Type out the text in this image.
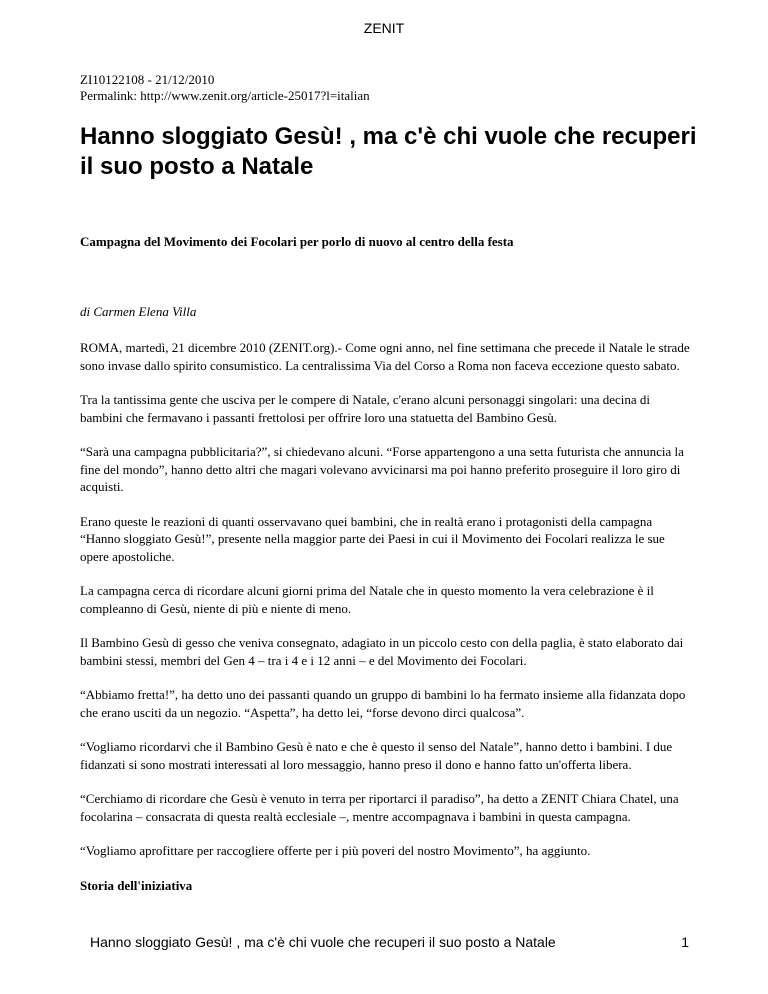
ZENIT
ZI10122108 - 21/12/2010
Permalink: http://www.zenit.org/article-25017?l=italian
Hanno sloggiato Gesù! , ma c'è chi vuole che recuperi il suo posto a Natale

Campagna del Movimento dei Focolari per porlo di nuovo al centro della festa

di Carmen Elena Villa

ROMA, martedì, 21 dicembre 2010 (ZENIT.org).- Come ogni anno, nel fine settimana che precede il Natale le strade sono invase dallo spirito consumistico. La centralissima Via del Corso a Roma non faceva eccezione questo sabato.

Tra la tantissima gente che usciva per le compere di Natale, c'erano alcuni personaggi singolari: una decina di bambini che fermavano i passanti frettolosi per offrire loro una statuetta del Bambino Gesù.

“Sarà una campagna pubblicitaria?”, si chiedevano alcuni. “Forse appartengono a una setta futurista che annuncia la fine del mondo”, hanno detto altri che magari volevano avvicinarsi ma poi hanno preferito proseguire il loro giro di acquisti.

Erano queste le reazioni di quanti osservavano quei bambini, che in realtà erano i protagonisti della campagna “Hanno sloggiato Gesù!”, presente nella maggior parte dei Paesi in cui il Movimento dei Focolari realizza le sue opere apostoliche.

La campagna cerca di ricordare alcuni giorni prima del Natale che in questo momento la vera celebrazione è il compleanno di Gesù, niente di più e niente di meno.

Il Bambino Gesù di gesso che veniva consegnato, adagiato in un piccolo cesto con della paglia, è stato elaborato dai bambini stessi, membri del Gen 4 – tra i 4 e i 12 anni – e del Movimento dei Focolari.

“Abbiamo fretta!”, ha detto uno dei passanti quando un gruppo di bambini lo ha fermato insieme alla fidanzata dopo che erano usciti da un negozio. “Aspetta”, ha detto lei, “forse devono dirci qualcosa”.

“Vogliamo ricordarvi che il Bambino Gesù è nato e che è questo il senso del Natale”, hanno detto i bambini. I due fidanzati si sono mostrati interessati al loro messaggio, hanno preso il dono e hanno fatto un'offerta libera.

“Cerchiamo di ricordare che Gesù è venuto in terra per riportarci il paradiso”, ha detto a ZENIT Chiara Chatel, una focolarina – consacrata di questa realtà ecclesiale –, mentre accompagnava i bambini in questa campagna.

“Vogliamo aprofittare per raccogliere offerte per i più poveri del nostro Movimento”, ha aggiunto.

Storia dell'iniziativa
Hanno sloggiato Gesù! , ma c'è chi vuole che recuperi il suo posto a Natale	1
